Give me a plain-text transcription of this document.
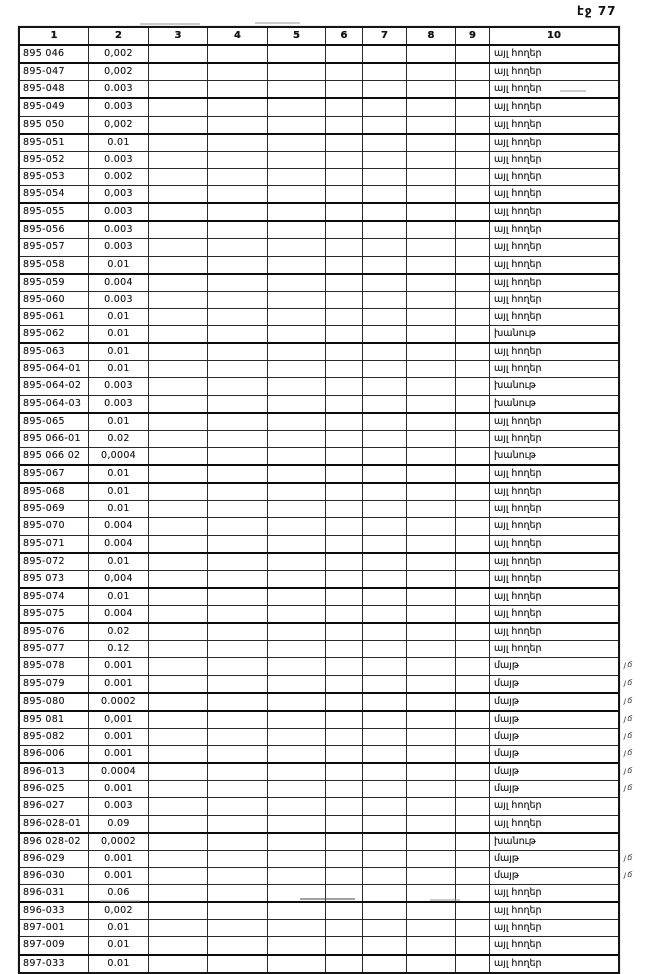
էջ 77
1	2	3	4	5	6	7	8	9	10
895 046	0,002	այլ հողեր
895-047	0,002	այլ հողեր
895-048	0.003	այլ հողեր
895-049	0.003	այլ հողեր
895 050	0,002	այլ հողեր
895-051	0.01	այլ հողեր
895-052	0.003	այլ հողեր
895-053	0.002	այլ հողեր
895-054	0,003	այլ հողեր
895-055	0.003	այլ հողեր
895-056	0.003	այլ հողեր
895-057	0.003	այլ հողեր
895-058	0.01	այլ հողեր
895-059	0.004	այլ հողեր
895-060	0.003	այլ հողեր
895-061	0.01	այլ հողեր
895-062	0.01	խանութ
895-063	0.01	այլ հողեր
895-064-01	0.01	այլ հողեր
895-064-02	0.003	խանութ
895-064-03	0.003	խանութ
895-065	0.01	այլ հողեր
895 066-01	0.02	այլ հողեր
895 066 02	0,0004	խանութ
895-067	0.01	այլ հողեր
895-068	0.01	այլ հողեր
895-069	0.01	այլ հողեր
895-070	0.004	այլ հողեր
895-071	0.004	այլ հողեր
895-072	0.01	այլ հողեր
895 073	0,004	այլ հողեր
895-074	0.01	այլ հողեր
895-075	0.004	այլ հողեր
895-076	0.02	այլ հողեր
895-077	0.12	այլ հողեր
895-078	0.001	մայթ	յճ
895-079	0.001	մայթ	յճ
895-080	0.0002	մայթ	յճ
895 081	0,001	մայթ	յճ
895-082	0.001	մայթ	յճ
896-006	0.001	մայթ	յճ
896-013	0.0004	մայթ	յճ
896-025	0.001	մայթ	յճ
896-027	0.003	այլ հողեր
896-028-01	0.09	այլ հողեր
896 028-02	0,0002	խանութ
896-029	0.001	մայթ	յճ
896-030	0.001	մայթ	յճ
896-031	0.06	այլ հողեր
896-033	0,002	այլ հողեր
897-001	0.01	այլ հողեր
897-009	0.01	այլ հողեր
897-033	0.01	այլ հողեր
